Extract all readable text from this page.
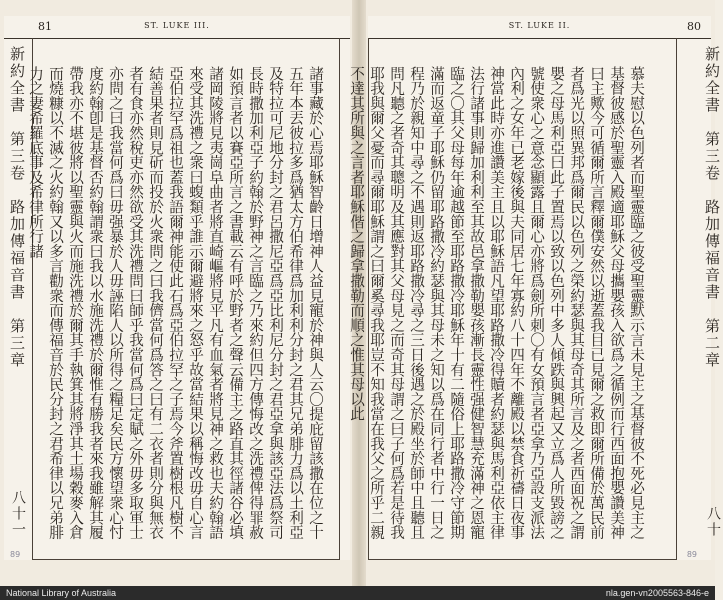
81	ST. LUKE III.
諸事藏於心焉耶穌智齡日增神人益見寵於神與人云〇提庇留該撒在位之十五年本丟彼拉多爲猶太方伯希律爲加利利分封之君其兄弟腓力爲以土利亞及特拉可尼地分封之君呂撒尼亞爲亞比利尼分封之君亞拿與該亞法爲祭司長時撒加利亞子約翰於野神之言臨之乃來約但四方傳悔改之洗禮俾得罪赦如預言者以賽亞所言之書載云有呼於野者之聲云備主之路直其徑諸谷必填諸岡陵將見夷崗阜曲者將直崎嶇將見平凡有血氣者將見神之救也夫約翰語來受其洗禮之衆曰蝮類乎誰示爾避將來之怒乎故當結果以稱悔改毋自心言亞伯拉罕爲祖也蓋我語爾神能使此石爲亞伯拉罕之子焉今斧置樹根凡樹不結善果者則見斫而投於火衆問之曰我儕當何爲答之曰有二衣者則分與無衣者有食亦然稅吏亦然欲受其洗禮問曰師乎我當何爲曰定賦之外毋多取軍士亦問之曰我當何爲曰毋强暴於人毋誣陷人以所得之糧足矣民方懷望衆心忖度約翰卽是基督否約翰謂衆曰我以水施洗禮於爾惟有勝我者來我雖解其履帶我亦不堪彼將以聖靈與火而施洗禮於爾其手執箕其將淨其土場穀麥入倉而燒糠以不滅之火約翰又以多言勸衆而傳福音於民分封之君希律以兄弟腓力之妻希羅底事及希律所行諸
新約全書　第三卷　路加傳福音書　第三章
八十一
89
ST. LUKE II.	80
慕夫慰以色列者而聖靈臨之彼受聖靈默示言未見主之基督彼不死必見主之基督彼感於聖靈入殿適耶穌父母攜嬰孩入欲爲之循例而行西面抱嬰讚美神曰主歟今可循爾所言釋爾僕安然以逝蓋我目已見爾之救即爾所備於萬民前者爲光以照異邦爲爾民以色列之榮約瑟與其母奇其所言及之者西面祝之謂嬰之母馬利亞曰此子置焉以致以色列中多人傾跌與興起又立爲人所毀謗之號使衆心之意念顯露且爾心亦將爲劍所刺〇有女預言者亞拿乃亞設支派法內利之女年已老嫁後與夫同居七年寡約八十四年不離殿以禁食祈禱日夜事神當此時亦進讚美主且以耶穌語凡望耶路撒冷得贖者約瑟與馬利亞依主律法行諸事則歸加利利至其故邑拿撒勒嬰孩漸長靈性强健智慧充滿神之恩寵臨之〇其父母每年逾越節至耶路撒冷耶穌年十有二隨俗上耶路撒冷守節期滿而返童子耶穌仍留耶路撒冷約瑟與其母未之知以爲在同行者中行一日之程乃於親知中尋之不遇則返耶路撒冷尋之三日後遇之於殿坐於師中且聽且問凡聽之者奇其聰明及其應對其父母見之而奇其母謂之曰子何爲若是待我耶我與爾父憂而尋爾耶穌謂之曰爾奚尋我耶豈不知我當在我父之所乎二親不達其所與之言者耶穌偕之歸拿撒勒而順之惟其母以此	新約全書　第三卷　路加傳福音書　第二章
八十
89
National Library of Australia	nla.gen-vn2005563-846-e
